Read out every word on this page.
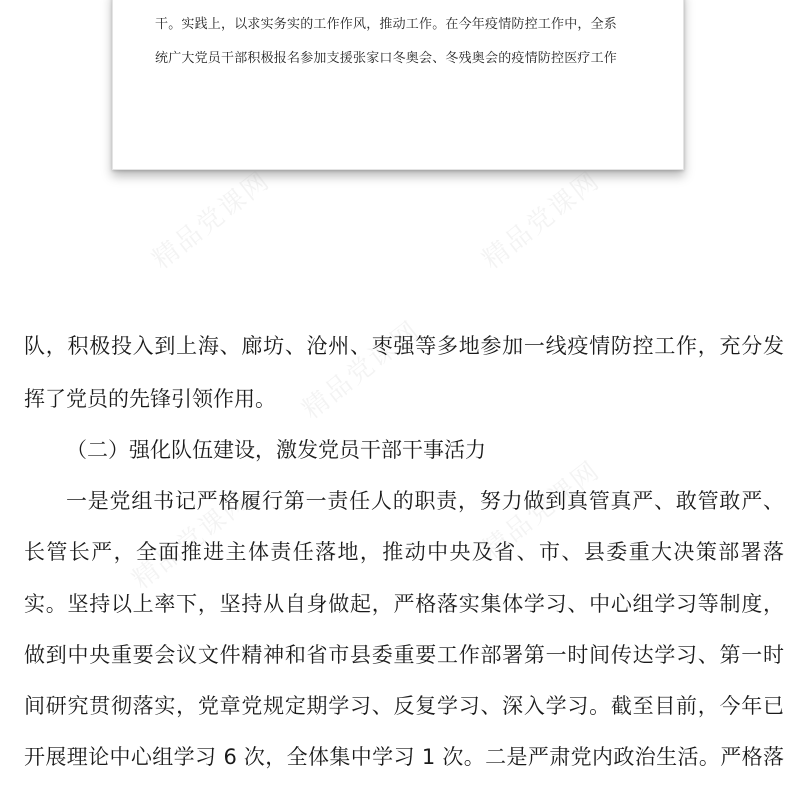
干。实践上，以求实务实的工作作风，推动工作。在今年疫情防控工作中，全系
统广大党员干部积极报名参加支援张家口冬奥会、冬残奥会的疫情防控医疗工作
精品党课网	精品党课网
精品党课网
精品党课网
精品党课网
队，积极投入到上海、廊坊、沧州、枣强等多地参加一线疫情防控工作，充分发
挥了党员的先锋引领作用。
（二）强化队伍建设，激发党员干部干事活力
一是党组书记严格履行第一责任人的职责，努力做到真管真严、敢管敢严、
长管长严，全面推进主体责任落地，推动中央及省、市、县委重大决策部署落
实。坚持以上率下，坚持从自身做起，严格落实集体学习、中心组学习等制度，
做到中央重要会议文件精神和省市县委重要工作部署第一时间传达学习、第一时
间研究贯彻落实，党章党规定期学习、反复学习、深入学习。截至目前，今年已
开展理论中心组学习 6 次，全体集中学习 1 次。二是严肃党内政治生活。严格落
